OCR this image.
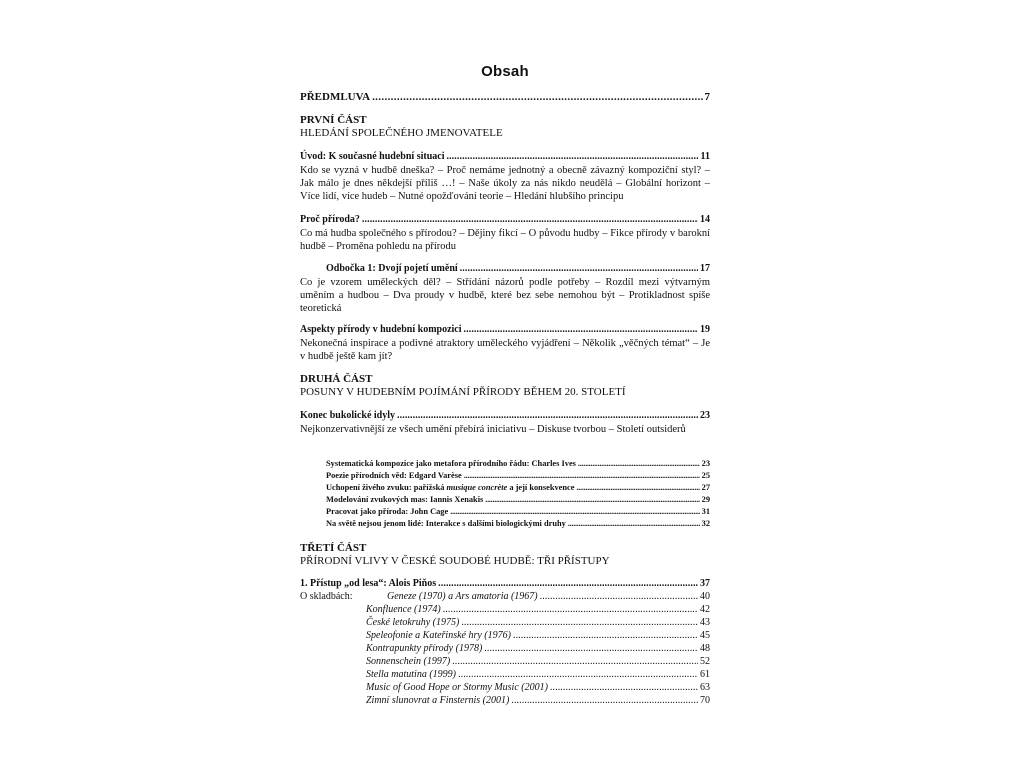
Obsah
PŘEDMLUVA . . .	7
PRVNÍ ČÁST
HLEDÁNÍ SPOLEČNÉHO JMENOVATELE
Úvod: K současné hudební situaci . . .	11
Kdo se vyzná v hudbě dneška? – Proč nemáme jednotný a obecně závazný kompoziční styl? – Jak málo je dnes někdejší příliš …! – Naše úkoly za nás nikdo neudělá – Globální horizont – Více lidí, více hudeb – Nutné opožďování teorie – Hledání hlubšího principu
Proč příroda? . . .	14
Co má hudba společného s přírodou? – Dějiny fikcí – O původu hudby – Fikce přírody v barokní hudbě – Proměna pohledu na přírodu
Odbočka 1: Dvojí pojetí umění . . .	17
Co je vzorem uměleckých děl? – Střídání názorů podle potřeby – Rozdíl mezi výtvarným uměním a hudbou – Dva proudy v hudbě, které bez sebe nemohou být – Protikladnost spíše teoretická
Aspekty přírody v hudební kompozici . . .	19
Nekonečná inspirace a podivné atraktory uměleckého vyjádření – Několik „věčných témat“ – Je v hudbě ještě kam jít?
DRUHÁ ČÁST
POSUNY V HUDEBNÍM POJÍMÁNÍ PŘÍRODY BĚHEM 20. STOLETÍ
Konec bukolické idyly . . .	23
Nejkonzervativnější ze všech umění přebírá iniciativu – Diskuse tvorbou – Století outsiderů
Systematická kompozice jako metafora přírodního řádu: Charles Ives . . .	23
Poezie přírodních věd: Edgard Varèse . . .	25
Uchopení živého zvuku: pařížská musique concrète a její konsekvence . . .	27
Modelování zvukových mas: Iannis Xenakis . . .	29
Pracovat jako příroda: John Cage . . .	31
Na světě nejsou jenom lidé: Interakce s dalšími biologickými druhy . . .	32
TŘETÍ ČÁST
PŘÍRODNÍ VLIVY V ČESKÉ SOUDOBÉ HUDBĚ: TŘI PŘÍSTUPY
1. Přístup „od lesa“: Alois Piňos . . .	37
O skladbách:	Geneze (1970) a Ars amatoria (1967) . . .	40
Konfluence (1974) . . .	42
České letokruhy (1975) . . .	43
Speleofonie a Kateřinské hry (1976) . . .	45
Kontrapunkty přírody (1978) . . .	48
Sonnenschein (1997) . . .	52
Stella matutina (1999) . . .	61
Music of Good Hope or Stormy Music (2001) . . .	63
Zimní slunovrat a Finsternis (2001) . . .	70
